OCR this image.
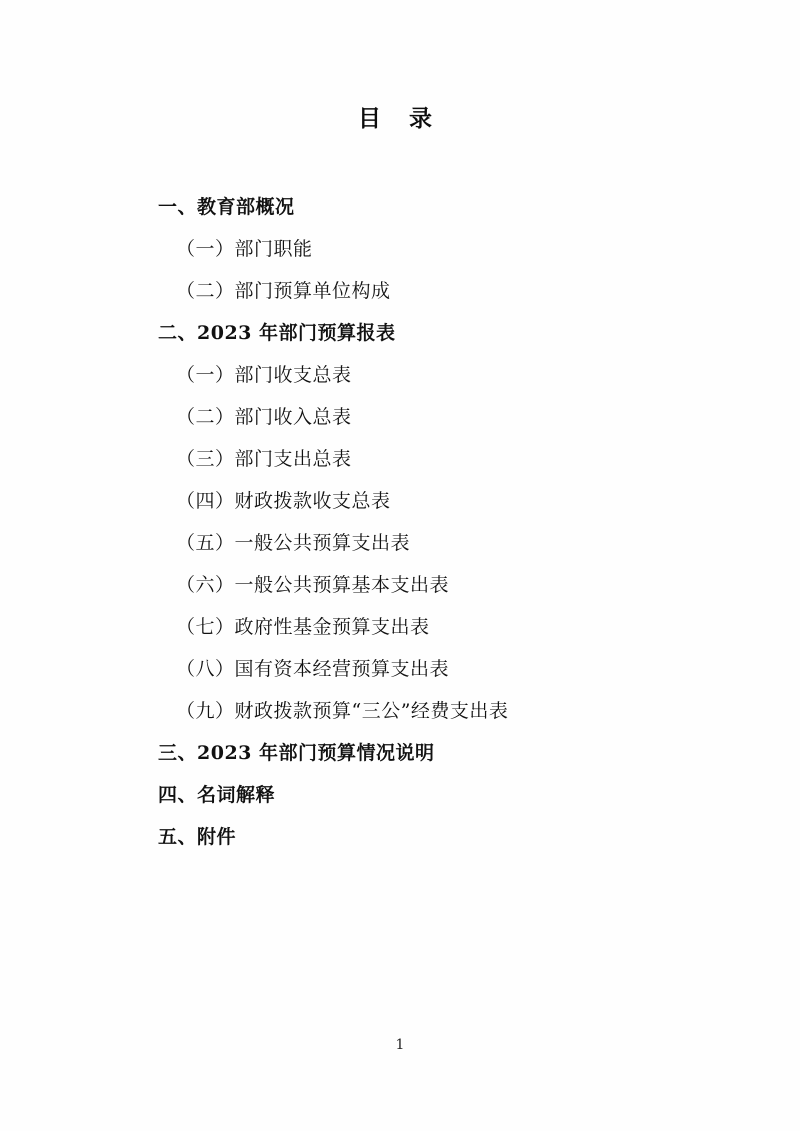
目 录
一、教育部概况
（一）部门职能
（二）部门预算单位构成
二、2023 年部门预算报表
（一）部门收支总表
（二）部门收入总表
（三）部门支出总表
（四）财政拨款收支总表
（五）一般公共预算支出表
（六）一般公共预算基本支出表
（七）政府性基金预算支出表
（八）国有资本经营预算支出表
（九）财政拨款预算“三公”经费支出表
三、2023 年部门预算情况说明
四、名词解释
五、附件
1
